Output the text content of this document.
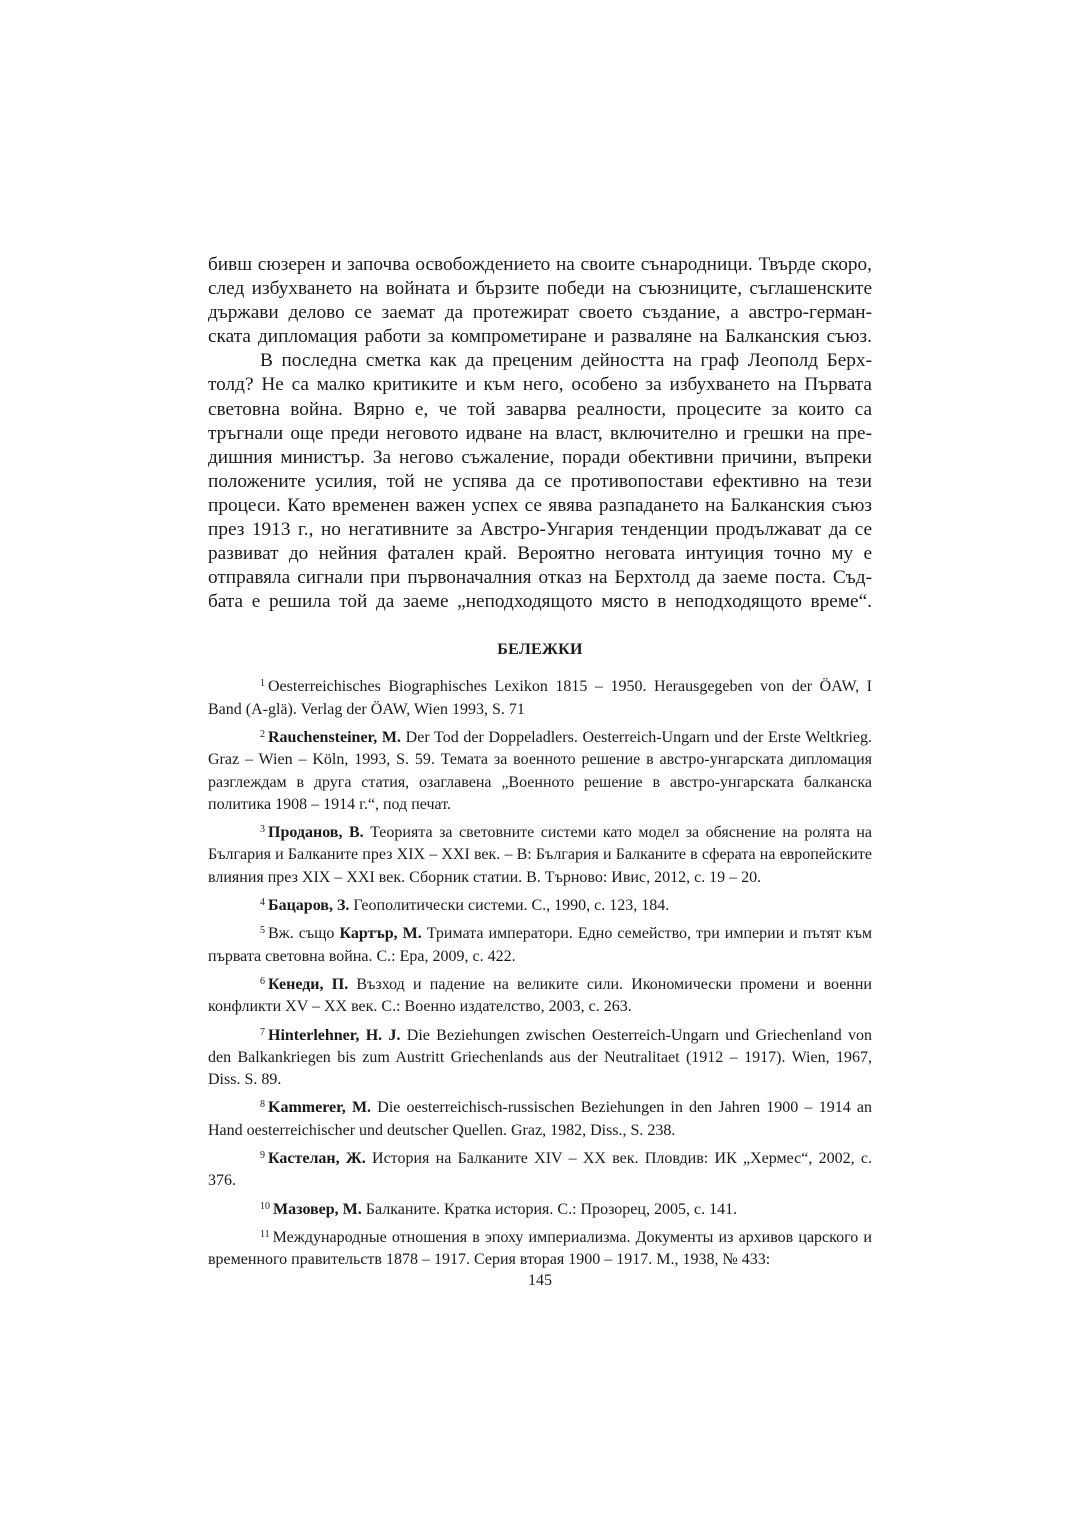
бивш сюзерен и започва освобождението на своите сънародници. Твърде скоро,
след избухването на войната и бързите победи на съюзниците, съглашенските
държави делово се заемат да протежират своето създание, а австро-герман-
ската дипломация работи за компрометиране и разваляне на Балканския съюз.

В последна сметка как да преценим дейността на граф Леополд Берх-
толд? Не са малко критиките и към него, особено за избухването на Първата
световна война. Вярно е, че той заварва реалности, процесите за които са
тръгнали още преди неговото идване на власт, включително и грешки на пре-
дишния министър. За негово съжаление, поради обективни причини, въпреки
положените усилия, той не успява да се противопостави ефективно на тези
процеси. Като временен важен успех се явява разпадането на Балканския съюз
през 1913 г., но негативните за Австро-Унгария тенденции продължават да се
развиват до нейния фатален край. Вероятно неговата интуиция точно му е
отправяла сигнали при първоначалния отказ на Берхтолд да заеме поста. Съд-
бата е решила той да заеме „неподходящото място в неподходящото време“.

БЕЛЕЖКИ

$^1$ Oesterreichisches Biographisches Lexikon 1815 – 1950. Herausgegeben von der ÖAW, I Band (A-glä). Verlag der ÖAW, Wien 1993, S. 71

$^2$ Rauchensteiner, M. Der Tod der Doppeladlers. Oesterreich-Ungarn und der Erste Weltkrieg. Graz – Wien – Köln, 1993, S. 59. Темата за военното решение в австро-унгарската дипломация разглеждам в друга статия, озаглавена „Военното решение в австро-унгарската балканска политика 1908 – 1914 г.“, под печат.

$^3$ Проданов, В. Теорията за световните системи като модел за обяснение на ролята на България и Балканите през XIX – XXI век. – В: България и Балканите в сферата на европейските влияния през XIX – XXI век. Сборник статии. В. Търново: Ивис, 2012, с. 19 – 20.

$^4$ Бацаров, З. Геополитически системи. С., 1990, с. 123, 184.

$^5$ Вж. също Картър, М. Тримата императори. Едно семейство, три империи и пътят към първата световна война. С.: Ера, 2009, с. 422.

$^6$ Кенеди, П. Възход и падение на великите сили. Икономически промени и военни конфликти XV – XX век. С.: Военно издателство, 2003, с. 263.

$^7$ Hinterlehner, H. J. Die Beziehungen zwischen Oesterreich-Ungarn und Griechenland von den Balkankriegen bis zum Austritt Griechenlands aus der Neutralitaet (1912 – 1917). Wien, 1967, Diss. S. 89.

$^8$ Kammerer, M. Die oesterreichisch-russischen Beziehungen in den Jahren 1900 – 1914 an Hand oesterreichischer und deutscher Quellen. Graz, 1982, Diss., S. 238.

$^9$ Кастелан, Ж. История на Балканите XIV – XX век. Пловдив: ИК „Хермес“, 2002, с. 376.

$^{10}$ Мазовер, М. Балканите. Кратка история. С.: Прозорец, 2005, с. 141.

$^{11}$ Международные отношения в эпоху империализма. Документы из архивов царского и временного правительств 1878 – 1917. Серия вторая 1900 – 1917. М., 1938, № 433:

145
